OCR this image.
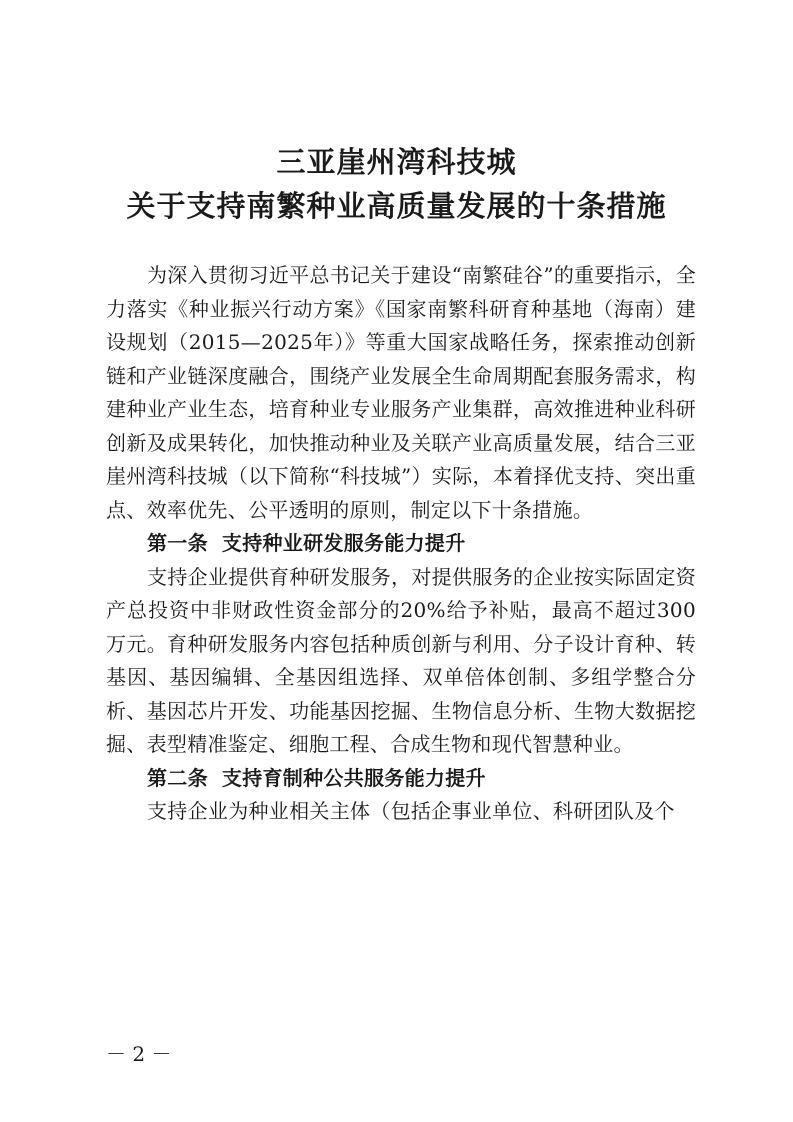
三亚崖州湾科技城
关于支持南繁种业高质量发展的十条措施

为深入贯彻习近平总书记关于建设“南繁硅谷”的重要指示，全力落实《种业振兴行动方案》《国家南繁科研育种基地（海南）建设规划（2015—2025年）》等重大国家战略任务，探索推动创新链和产业链深度融合，围绕产业发展全生命周期配套服务需求，构建种业产业生态，培育种业专业服务产业集群，高效推进种业科研创新及成果转化，加快推动种业及关联产业高质量发展，结合三亚崖州湾科技城（以下简称“科技城”）实际，本着择优支持、突出重点、效率优先、公平透明的原则，制定以下十条措施。

第一条 支持种业研发服务能力提升

支持企业提供育种研发服务，对提供服务的企业按实际固定资产总投资中非财政性资金部分的20%给予补贴，最高不超过300万元。育种研发服务内容包括种质创新与利用、分子设计育种、转基因、基因编辑、全基因组选择、双单倍体创制、多组学整合分析、基因芯片开发、功能基因挖掘、生物信息分析、生物大数据挖掘、表型精准鉴定、细胞工程、合成生物和现代智慧种业。

第二条 支持育制种公共服务能力提升

支持企业为种业相关主体（包括企事业单位、科研团队及个

－ 2 －
